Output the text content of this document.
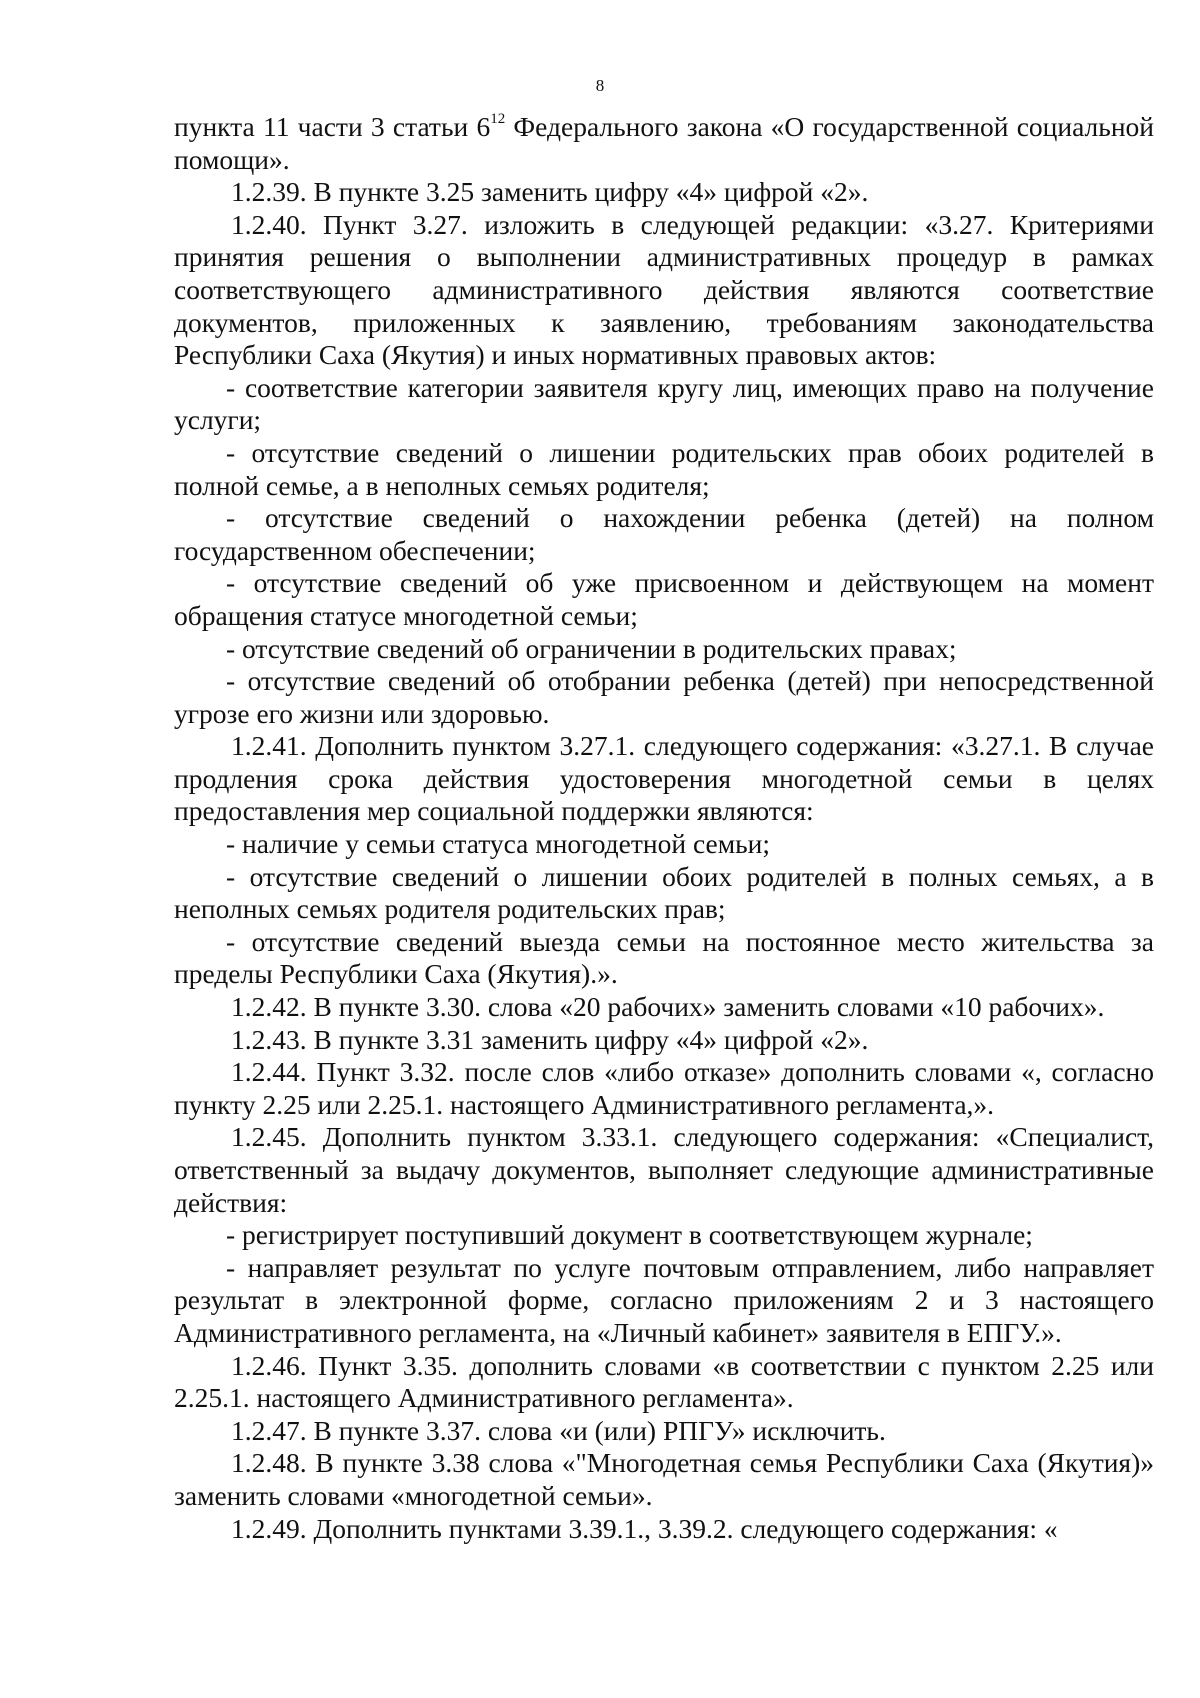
8

пункта 11 части 3 статьи $6^{12}$ Федерального закона «О государственной социальной помощи».

1.2.39. В пункте 3.25 заменить цифру «4» цифрой «2».

1.2.40. Пункт 3.27. изложить в следующей редакции: «3.27. Критериями принятия решения о выполнении административных процедур в рамках соответствующего административного действия являются соответствие документов, приложенных к заявлению, требованиям законодательства Республики Саха (Якутия) и иных нормативных правовых актов:

- соответствие категории заявителя кругу лиц, имеющих право на получение услуги;

- отсутствие сведений о лишении родительских прав обоих родителей в полной семье, а в неполных семьях родителя;

- отсутствие сведений о нахождении ребенка (детей) на полном государственном обеспечении;

- отсутствие сведений об уже присвоенном и действующем на момент обращения статусе многодетной семьи;

- отсутствие сведений об ограничении в родительских правах;

- отсутствие сведений об отобрании ребенка (детей) при непосредственной угрозе его жизни или здоровью.

1.2.41. Дополнить пунктом 3.27.1. следующего содержания: «3.27.1. В случае продления срока действия удостоверения многодетной семьи в целях предоставления мер социальной поддержки являются:

- наличие у семьи статуса многодетной семьи;

- отсутствие сведений о лишении обоих родителей в полных семьях, а в неполных семьях родителя родительских прав;

- отсутствие сведений выезда семьи на постоянное место жительства за пределы Республики Саха (Якутия).».

1.2.42. В пункте 3.30. слова «20 рабочих» заменить словами «10 рабочих».

1.2.43. В пункте 3.31 заменить цифру «4» цифрой «2».

1.2.44. Пункт 3.32. после слов «либо отказе» дополнить словами «, согласно пункту 2.25 или 2.25.1. настоящего Административного регламента,».

1.2.45. Дополнить пунктом 3.33.1. следующего содержания: «Специалист, ответственный за выдачу документов, выполняет следующие административные действия:

- регистрирует поступивший документ в соответствующем журнале;

- направляет результат по услуге почтовым отправлением, либо направляет результат в электронной форме, согласно приложениям 2 и 3 настоящего Административного регламента, на «Личный кабинет» заявителя в ЕПГУ.».

1.2.46. Пункт 3.35. дополнить словами «в соответствии с пунктом 2.25 или 2.25.1. настоящего Административного регламента».

1.2.47. В пункте 3.37. слова «и (или) РПГУ» исключить.

1.2.48. В пункте 3.38 слова «"Многодетная семья Республики Саха (Якутия)» заменить словами «многодетной семьи».

1.2.49. Дополнить пунктами 3.39.1., 3.39.2. следующего содержания: «
